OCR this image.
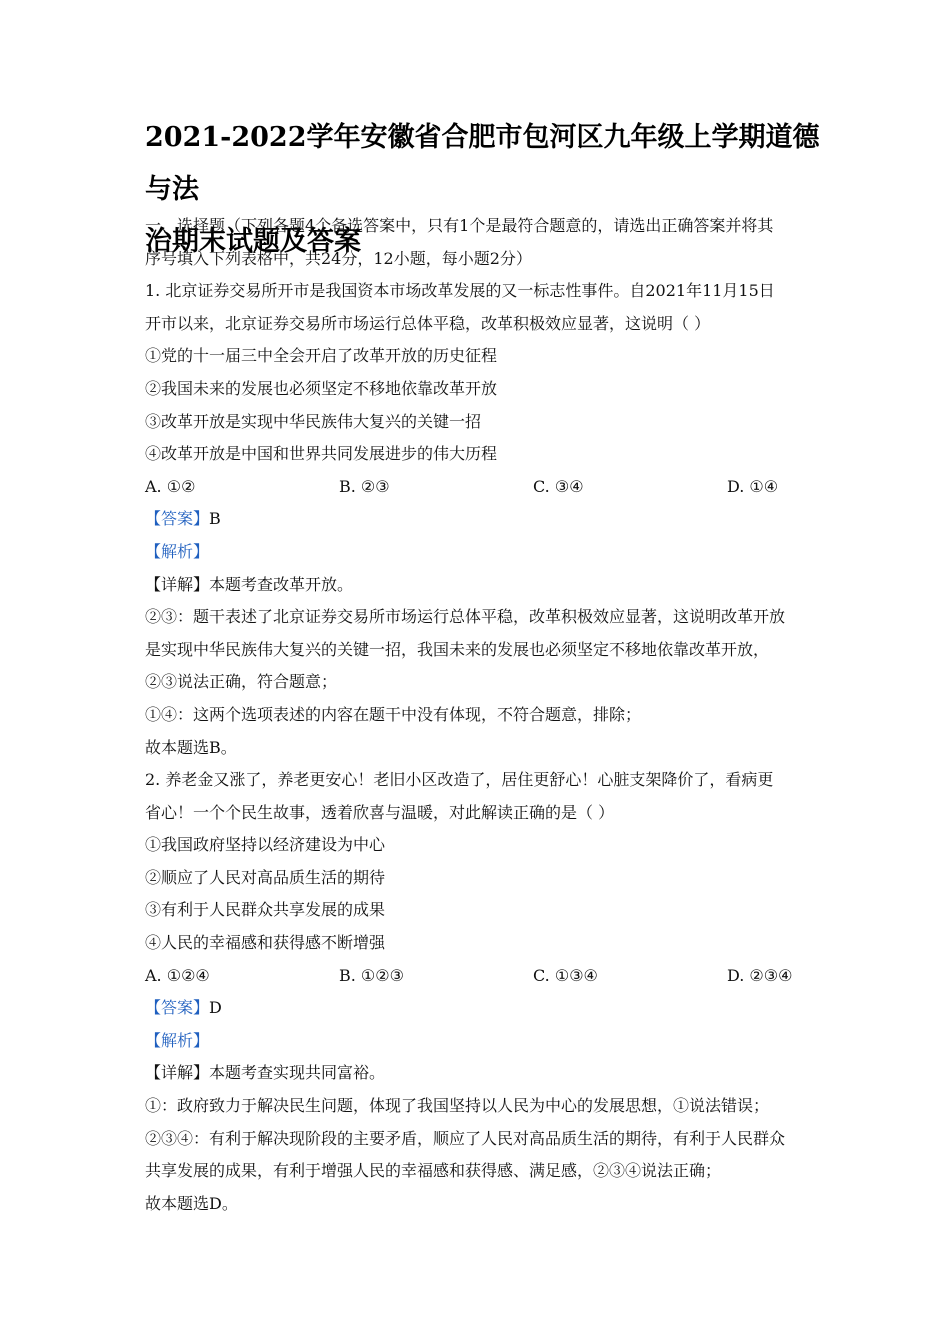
2021-2022学年安徽省合肥市包河区九年级上学期道德与法
治期末试题及答案
一、选择题（下列各题4个备选答案中，只有1个是最符合题意的，请选出正确答案并将其
序号填入下列表格中，共24分，12小题，每小题2分）
1. 北京证券交易所开市是我国资本市场改革发展的又一标志性事件。自2021年11月15日
开市以来，北京证券交易所市场运行总体平稳，改革积极效应显著，这说明（ ）
①党的十一届三中全会开启了改革开放的历史征程
②我国未来的发展也必须坚定不移地依靠改革开放
③改革开放是实现中华民族伟大复兴的关键一招
④改革开放是中国和世界共同发展进步的伟大历程
A. ①②	B. ②③	C. ③④	D. ①④
【答案】B
【解析】
【详解】本题考查改革开放。
②③：题干表述了北京证券交易所市场运行总体平稳，改革积极效应显著，这说明改革开放
是实现中华民族伟大复兴的关键一招，我国未来的发展也必须坚定不移地依靠改革开放，
②③说法正确，符合题意；
①④：这两个选项表述的内容在题干中没有体现，不符合题意，排除；
故本题选B。
2. 养老金又涨了，养老更安心！老旧小区改造了，居住更舒心！心脏支架降价了，看病更
省心！一个个民生故事，透着欣喜与温暖，对此解读正确的是（ ）
①我国政府坚持以经济建设为中心
②顺应了人民对高品质生活的期待
③有利于人民群众共享发展的成果
④人民的幸福感和获得感不断增强
A. ①②④	B. ①②③	C. ①③④	D. ②③④
【答案】D
【解析】
【详解】本题考查实现共同富裕。
①：政府致力于解决民生问题，体现了我国坚持以人民为中心的发展思想，①说法错误；
②③④：有利于解决现阶段的主要矛盾，顺应了人民对高品质生活的期待，有利于人民群众
共享发展的成果，有利于增强人民的幸福感和获得感、满足感，②③④说法正确；
故本题选D。
